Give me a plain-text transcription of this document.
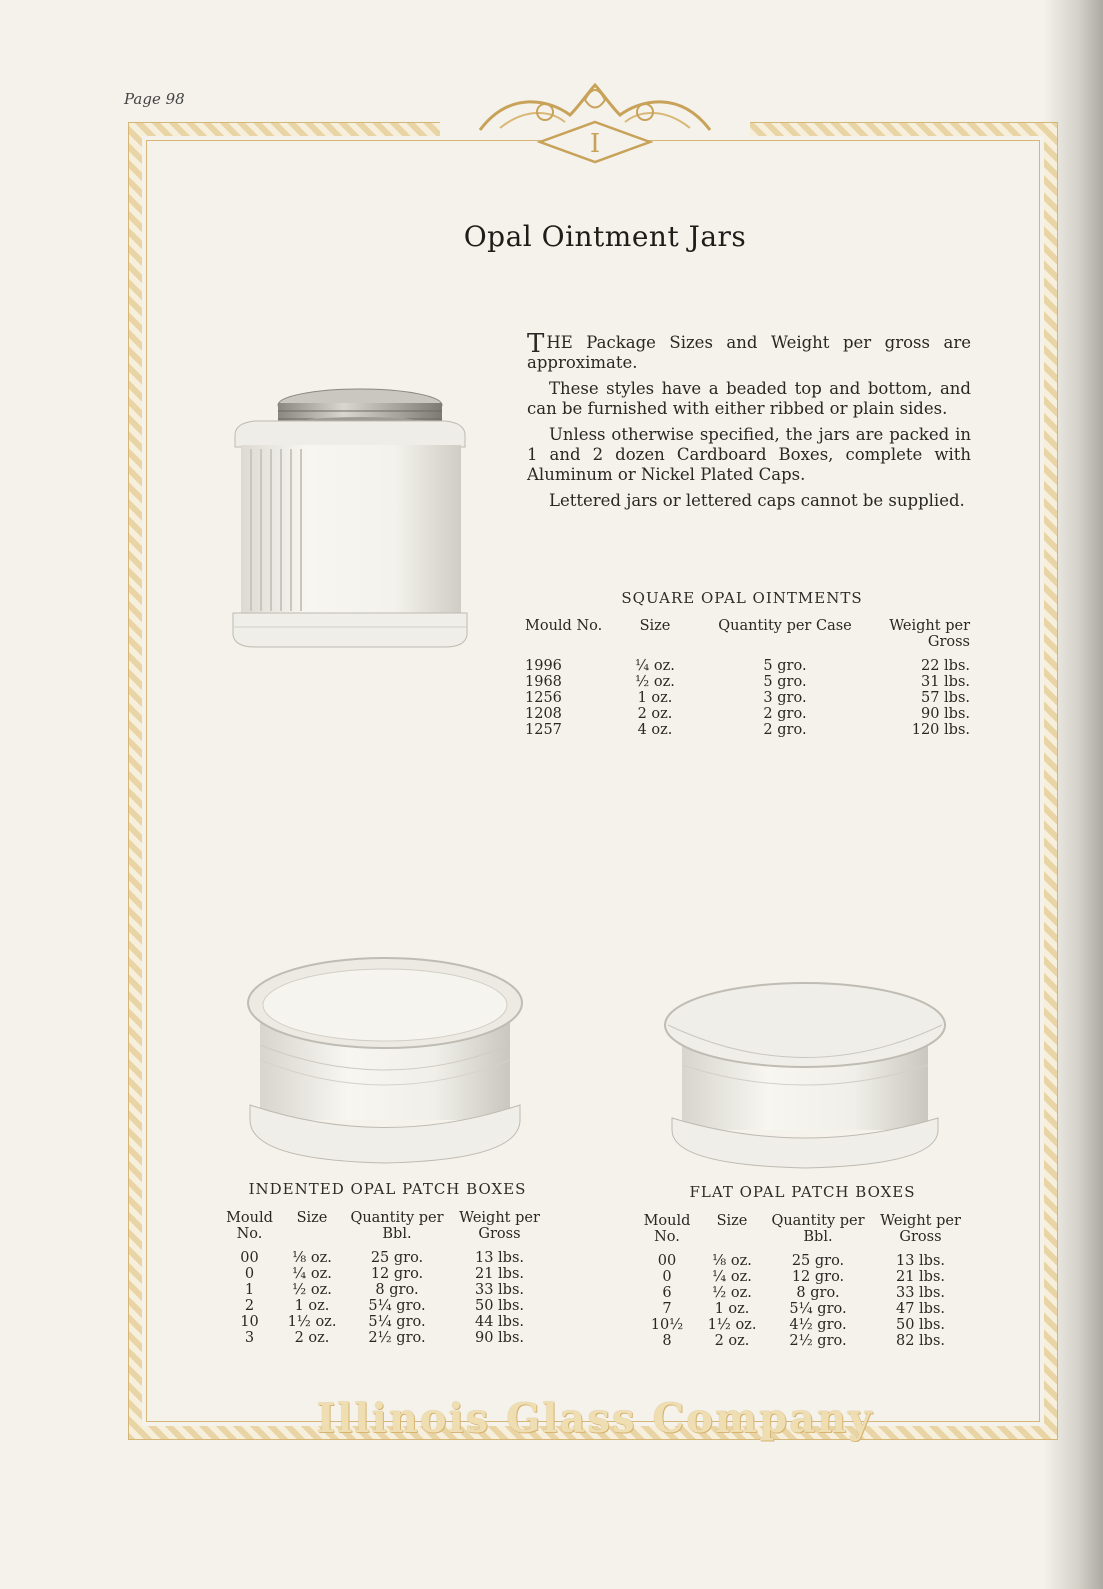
Page 98
I
Opal Ointment Jars

THE Package Sizes and Weight per gross are approximate.

These styles have a beaded top and bottom, and can be furnished with either ribbed or plain sides.

Unless otherwise specified, the jars are packed in 1 and 2 dozen Cardboard Boxes, complete with Aluminum or Nickel Plated Caps.

Lettered jars or lettered caps cannot be supplied.

SQUARE OPAL OINTMENTS
Mould No.	Size	Quantity per Case	Weight per Gross
1996	¼ oz.	5 gro.	22 lbs.
1968	½ oz.	5 gro.	31 lbs.
1256	1 oz.	3 gro.	57 lbs.
1208	2 oz.	2 gro.	90 lbs.
1257	4 oz.	2 gro.	120 lbs.
INDENTED OPAL PATCH BOXES
Mould No.	Size	Quantity per Bbl.	Weight per Gross
00	⅛ oz.	25 gro.	13 lbs.
0	¼ oz.	12 gro.	21 lbs.
1	½ oz.	8 gro.	33 lbs.
2	1 oz.	5¼ gro.	50 lbs.
10	1½ oz.	5¼ gro.	44 lbs.
3	2 oz.	2½ gro.	90 lbs.
FLAT OPAL PATCH BOXES
Mould No.	Size	Quantity per Bbl.	Weight per Gross
00	⅛ oz.	25 gro.	13 lbs.
0	¼ oz.	12 gro.	21 lbs.
6	½ oz.	8 gro.	33 lbs.
7	1 oz.	5¼ gro.	47 lbs.
10½	1½ oz.	4½ gro.	50 lbs.
8	2 oz.	2½ gro.	82 lbs.
Illinois Glass Company
